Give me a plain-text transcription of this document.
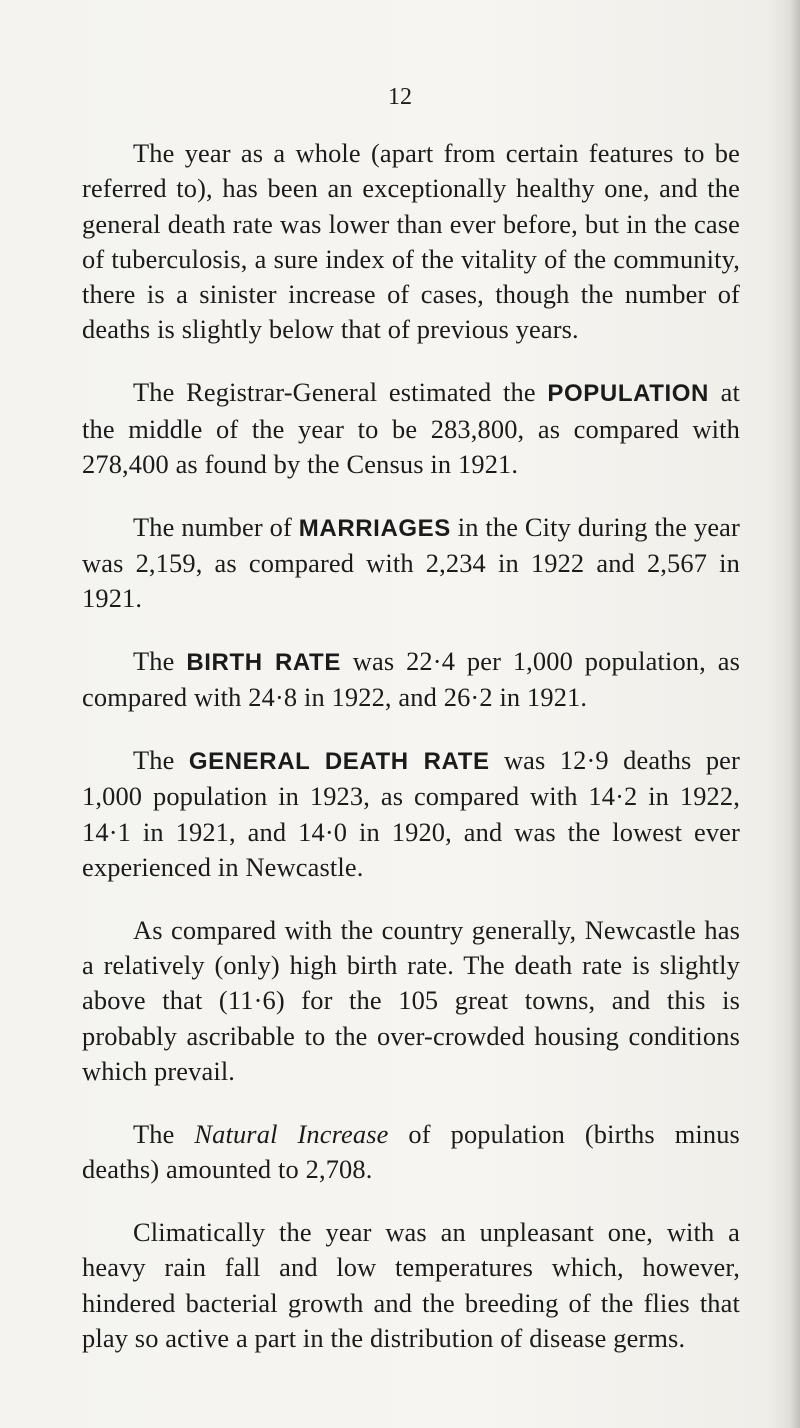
12

The year as a whole (apart from certain features to be referred to), has been an exceptionally healthy one, and the general death rate was lower than ever before, but in the case of tuberculosis, a sure index of the vitality of the community, there is a sinister increase of cases, though the number of deaths is slightly below that of previous years.

The Registrar-General estimated the POPULATION at the middle of the year to be 283,800, as compared with 278,400 as found by the Census in 1921.

The number of MARRIAGES in the City during the year was 2,159, as compared with 2,234 in 1922 and 2,567 in 1921.

The BIRTH RATE was 22·4 per 1,000 population, as compared with 24·8 in 1922, and 26·2 in 1921.

The GENERAL DEATH RATE was 12·9 deaths per 1,000 population in 1923, as compared with 14·2 in 1922, 14·1 in 1921, and 14·0 in 1920, and was the lowest ever experienced in Newcastle.

As compared with the country generally, Newcastle has a relatively (only) high birth rate. The death rate is slightly above that (11·6) for the 105 great towns, and this is probably ascribable to the over-crowded housing conditions which prevail.

The Natural Increase of population (births minus deaths) amounted to 2,708.

Climatically the year was an unpleasant one, with a heavy rain fall and low temperatures which, however, hindered bacterial growth and the breeding of the flies that play so active a part in the distribution of disease germs.
